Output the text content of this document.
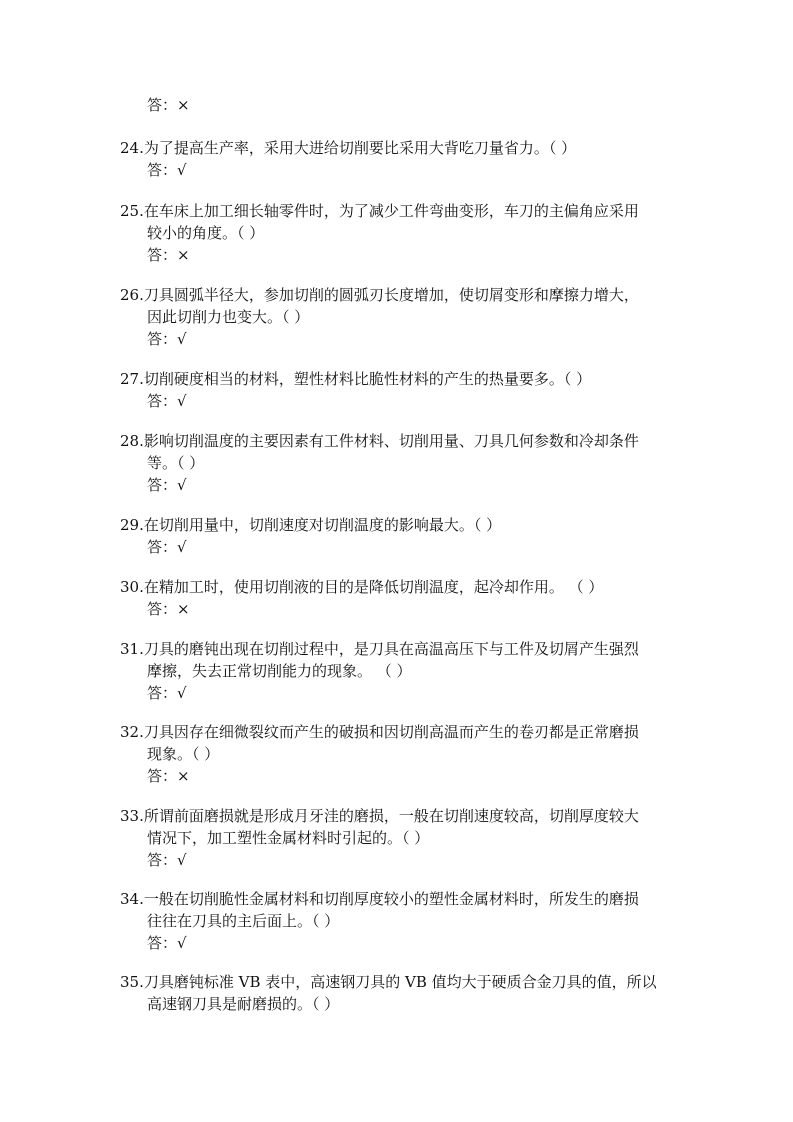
答：×
24.为了提高生产率，采用大进给切削要比采用大背吃刀量省力。（ ）
答：√
25.在车床上加工细长轴零件时，为了减少工件弯曲变形，车刀的主偏角应采用
较小的角度。（ ）
答：×
26.刀具圆弧半径大，参加切削的圆弧刃长度增加，使切屑变形和摩擦力增大，
因此切削力也变大。（ ）
答：√
27.切削硬度相当的材料，塑性材料比脆性材料的产生的热量要多。（ ）
答：√
28.影响切削温度的主要因素有工件材料、切削用量、刀具几何参数和冷却条件
等。（ ）
答：√
29.在切削用量中，切削速度对切削温度的影响最大。（ ）
答：√
30.在精加工时，使用切削液的目的是降低切削温度，起冷却作用。 （ ）
答：×
31.刀具的磨钝出现在切削过程中，是刀具在高温高压下与工件及切屑产生强烈
摩擦，失去正常切削能力的现象。 （ ）
答：√
32.刀具因存在细微裂纹而产生的破损和因切削高温而产生的卷刃都是正常磨损
现象。（ ）
答：×
33.所谓前面磨损就是形成月牙洼的磨损，一般在切削速度较高，切削厚度较大
情况下，加工塑性金属材料时引起的。（ ）
答：√
34.一般在切削脆性金属材料和切削厚度较小的塑性金属材料时，所发生的磨损
往往在刀具的主后面上。（ ）
答：√
35.刀具磨钝标准 VB 表中，高速钢刀具的 VB 值均大于硬质合金刀具的值，所以
高速钢刀具是耐磨损的。（ ）
